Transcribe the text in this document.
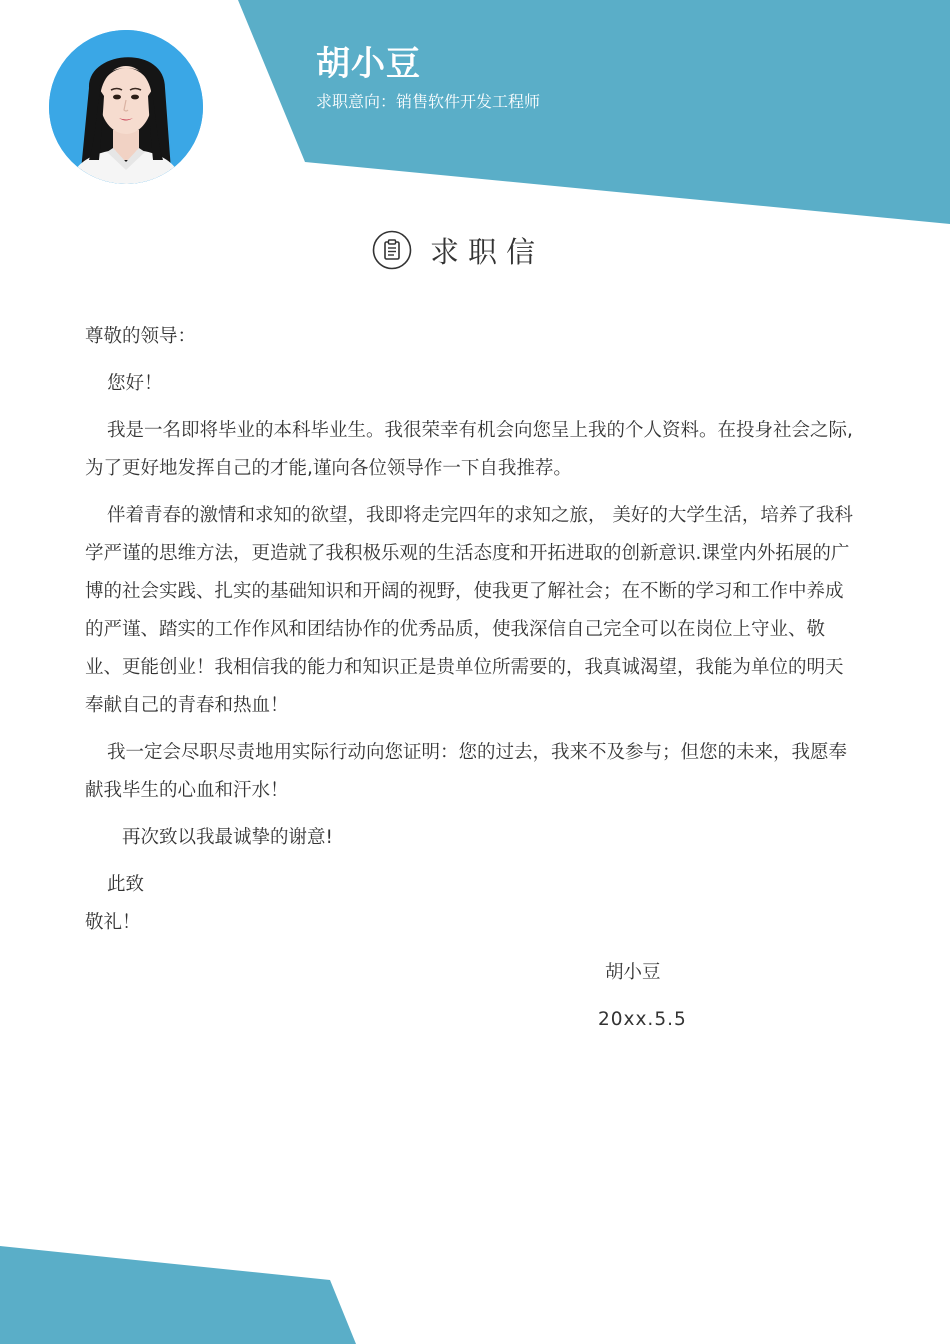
胡小豆
求职意向：销售软件开发工程师
求职信

尊敬的领导：

您好！

我是一名即将毕业的本科毕业生。我很荣幸有机会向您呈上我的个人资料。在投身社会之际,为了更好地发挥自己的才能,谨向各位领导作一下自我推荐。

伴着青春的激情和求知的欲望，我即将走完四年的求知之旅， 美好的大学生活，培养了我科学严谨的思维方法，更造就了我积极乐观的生活态度和开拓进取的创新意识.课堂内外拓展的广博的社会实践、扎实的基础知识和开阔的视野，使我更了解社会；在不断的学习和工作中养成的严谨、踏实的工作作风和团结协作的优秀品质，使我深信自己完全可以在岗位上守业、敬业、更能创业！我相信我的能力和知识正是贵单位所需要的，我真诚渴望，我能为单位的明天奉献自己的青春和热血！

我一定会尽职尽责地用实际行动向您证明：您的过去，我来不及参与；但您的未来，我愿奉献我毕生的心血和汗水！

再次致以我最诚挚的谢意!

此致

敬礼！

胡小豆
20xx.5.5
